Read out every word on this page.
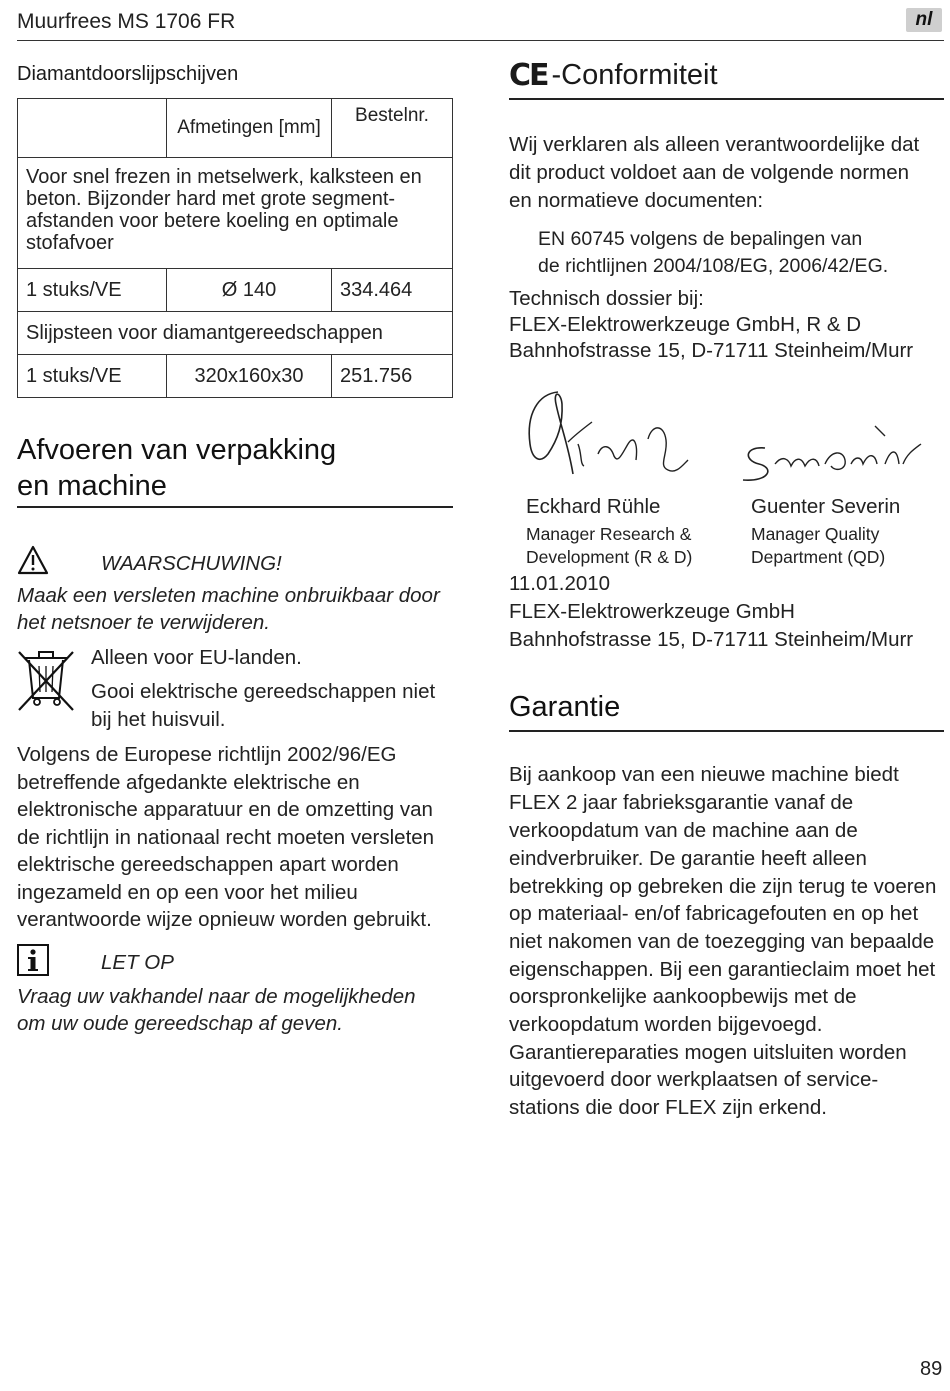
Muurfrees MS 1706 FR	nl
Diamantdoorslijpschijven
	Afmetingen [mm]	Bestelnr.
Voor snel frezen in metselwerk, kalksteen en beton. Bijzonder hard met grote segment-afstanden voor betere koeling en optimale stofafvoer		
1 stuks/VE	Ø 140	334.464
Slijpsteen voor diamantgereedschappen		
1 stuks/VE	320x160x30	251.756
Afvoeren van verpakking
en machine
WAARSCHUWING!
Maak een versleten machine onbruikbaar door
het netsnoer te verwijderen.
Alleen voor EU-landen.
Gooi elektrische gereedschappen niet
bij het huisvuil.
Volgens de Europese richtlijn 2002/96/EG
betreffende afgedankte elektrische en
elektronische apparatuur en de omzetting van
de richtlijn in nationaal recht moeten versleten
elektrische gereedschappen apart worden
ingezameld en op een voor het milieu
verantwoorde wijze opnieuw worden gebruikt.
LET OP
Vraag uw vakhandel naar de mogelijkheden
om uw oude gereedschap af geven.
CE -Conformiteit
Wij verklaren als alleen verantwoordelijke dat
dit product voldoet aan de volgende normen
en normatieve documenten:
EN 60745 volgens de bepalingen van
de richtlijnen 2004/108/EG, 2006/42/EG.
Technisch dossier bij:
FLEX-Elektrowerkzeuge GmbH, R & D
Bahnhofstrasse 15, D-71711 Steinheim/Murr
Eckhard Rühle
Manager Research &
Development (R & D)
Guenter Severin
Manager Quality
Department (QD)
11.01.2010
FLEX-Elektrowerkzeuge GmbH
Bahnhofstrasse 15, D-71711 Steinheim/Murr
Garantie
Bij aankoop van een nieuwe machine biedt
FLEX 2 jaar fabrieksgarantie vanaf de
verkoopdatum van de machine aan de
eindverbruiker. De garantie heeft alleen
betrekking op gebreken die zijn terug te voeren
op materiaal- en/of fabricagefouten en op het
niet nakomen van de toezegging van bepaalde
eigenschappen. Bij een garantieclaim moet het
oorspronkelijke aankoopbewijs met de
verkoopdatum worden bijgevoegd.
Garantiereparaties mogen uitsluiten worden
uitgevoerd door werkplaatsen of service-
stations die door FLEX zijn erkend.
89
